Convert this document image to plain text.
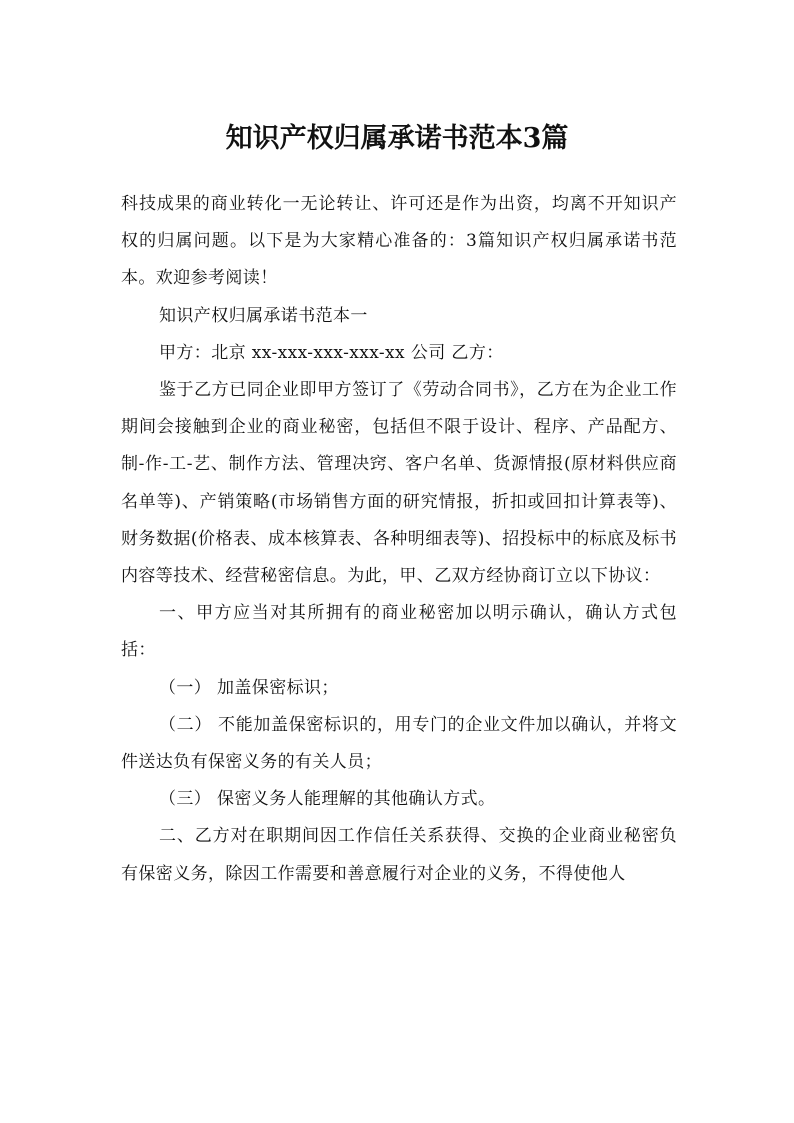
知识产权归属承诺书范本3篇

科技成果的商业转化一无论转让、许可还是作为出资，均离不开知识产权的归属问题。以下是为大家精心准备的：3篇知识产权归属承诺书范本。欢迎参考阅读！

知识产权归属承诺书范本一

甲方：北京 xx-xxx-xxx-xxx-xx 公司 乙方：

鉴于乙方已同企业即甲方签订了《劳动合同书》，乙方在为企业工作期间会接触到企业的商业秘密，包括但不限于设计、程序、产品配方、制-作-工-艺、制作方法、管理决窍、客户名单、货源情报(原材料供应商名单等)、产销策略(市场销售方面的研究情报，折扣或回扣计算表等)、财务数据(价格表、成本核算表、各种明细表等)、招投标中的标底及标书内容等技术、经营秘密信息。为此，甲、乙双方经协商订立以下协议：

一、甲方应当对其所拥有的商业秘密加以明示确认，确认方式包括：

（一） 加盖保密标识；

（二） 不能加盖保密标识的，用专门的企业文件加以确认，并将文件送达负有保密义务的有关人员；

（三） 保密义务人能理解的其他确认方式。

二、乙方对在职期间因工作信任关系获得、交换的企业商业秘密负有保密义务，除因工作需要和善意履行对企业的义务，不得使他人
